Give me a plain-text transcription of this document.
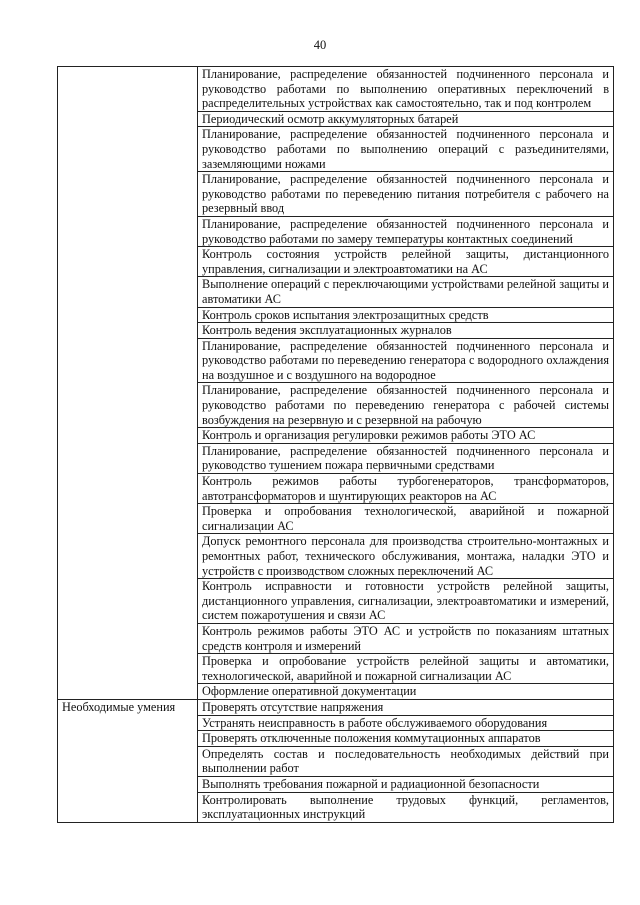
40
	Планирование, распределение обязанностей подчиненного персонала и руководство работами по выполнению оперативных переключений в распределительных устройствах как самостоятельно, так и под контролем
	Периодический осмотр аккумуляторных батарей
	Планирование, распределение обязанностей подчиненного персонала и руководство работами по выполнению операций с разъединителями, заземляющими ножами
	Планирование, распределение обязанностей подчиненного персонала и руководство работами по переведению питания потребителя с рабочего на резервный ввод
	Планирование, распределение обязанностей подчиненного персонала и руководство работами по замеру температуры контактных соединений
	Контроль состояния устройств релейной защиты, дистанционного управления, сигнализации и электроавтоматики на АС
	Выполнение операций с переключающими устройствами релейной защиты и автоматики АС
	Контроль сроков испытания электрозащитных средств
	Контроль ведения эксплуатационных журналов
	Планирование, распределение обязанностей подчиненного персонала и руководство работами по переведению генератора с водородного охлаждения на воздушное и с воздушного на водородное
	Планирование, распределение обязанностей подчиненного персонала и руководство работами по переведению генератора с рабочей системы возбуждения на резервную и с резервной на рабочую
	Контроль и организация регулировки режимов работы ЭТО АС
	Планирование, распределение обязанностей подчиненного персонала и руководство тушением пожара первичными средствами
	Контроль режимов работы турбогенераторов, трансформаторов, автотрансформаторов и шунтирующих реакторов на АС
	Проверка и опробования технологической, аварийной и пожарной сигнализации АС
	Допуск ремонтного персонала для производства строительно-монтажных и ремонтных работ, технического обслуживания, монтажа, наладки ЭТО и устройств с производством сложных переключений АС
	Контроль исправности и готовности устройств релейной защиты, дистанционного управления, сигнализации, электроавтоматики и измерений, систем пожаротушения и связи АС
	Контроль режимов работы ЭТО АС и устройств по показаниям штатных средств контроля и измерений
	Проверка и опробование устройств релейной защиты и автоматики, технологической, аварийной и пожарной сигнализации АС
	Оформление оперативной документации
Необходимые умения	Проверять отсутствие напряжения
	Устранять неисправность в работе обслуживаемого оборудования
	Проверять отключенные положения коммутационных аппаратов
	Определять состав и последовательность необходимых действий при выполнении работ
	Выполнять требования пожарной и радиационной безопасности
	Контролировать выполнение трудовых функций, регламентов, эксплуатационных инструкций
